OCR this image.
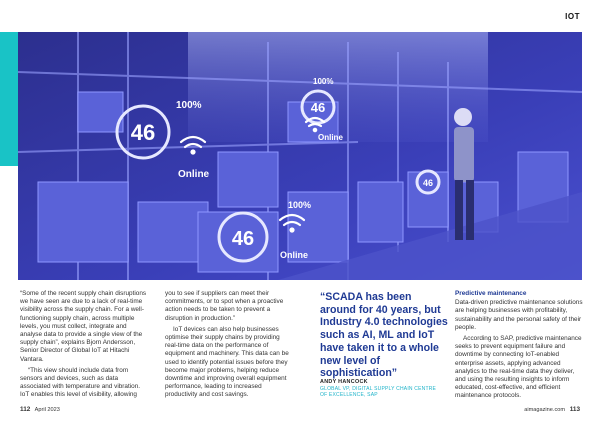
IOT
46
46
46
46
100%
100%
100%
Online
Online
Online

“Some of the recent supply chain disruptions we have seen are due to a lack of real-time visibility across the supply chain. For a well-functioning supply chain, across multiple levels, you must collect, integrate and analyse data to provide a single view of the supply chain”, explains Bjorn Andersson, Senior Director of Global IoT at Hitachi Vantara.

“This view should include data from sensors and devices, such as data associated with temperature and vibration. IoT enables this level of visibility, allowing

you to see if suppliers can meet their commitments, or to spot when a proactive action needs to be taken to prevent a disruption in production.”

IoT devices can also help businesses optimise their supply chains by providing real-time data on the performance of equipment and machinery. This data can be used to identify potential issues before they become major problems, helping reduce downtime and improving overall equipment performance, leading to increased productivity and cost savings.

“SCADA has been around for 40 years, but Industry 4.0 technologies such as AI, ML and IoT have taken it to a whole new level of sophistication”
ANDY HANCOCK
GLOBAL VP, DIGITAL SUPPLY CHAIN CENTRE OF EXCELLENCE, SAP
Predictive maintenance

Data-driven predictive maintenance solutions are helping businesses with profitability, sustainability and the personal safety of their people.

According to SAP, predictive maintenance seeks to prevent equipment failure and downtime by connecting IoT-enabled enterprise assets, applying advanced analytics to the real-time data they deliver, and using the resulting insights to inform educated, cost-effective, and efficient maintenance protocols.

112 April 2023	aimagazine.com 113
